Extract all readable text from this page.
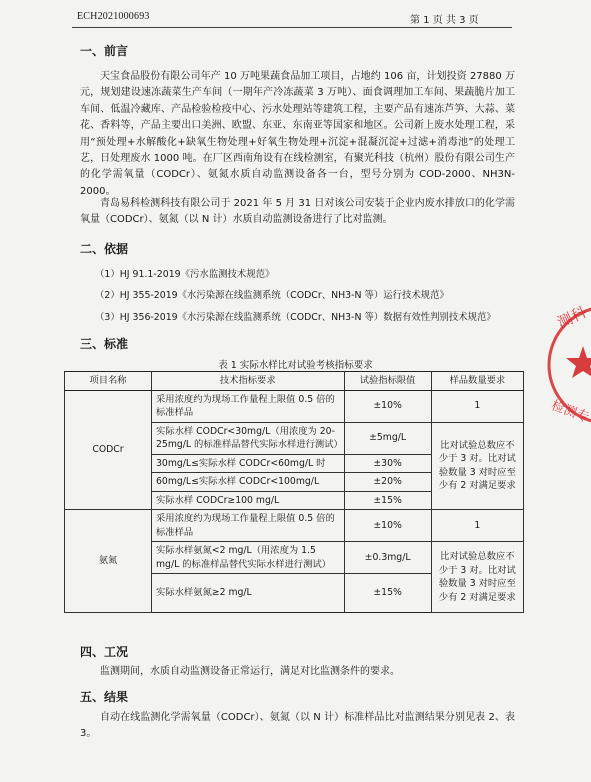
ECH2021000693	第 1 页 共 3 页
一、前言
天宝食品股份有限公司年产 10 万吨果蔬食品加工项目，占地约 106 亩，计划投资 27880 万元，规划建设速冻蔬菜生产车间（一期年产冷冻蔬菜 3 万吨）、面食调理加工车间、果蔬脆片加工车间、低温冷藏库、产品检验检疫中心、污水处理站等建筑工程，主要产品有速冻芦笋、大蒜、菜花、香料等，产品主要出口美洲、欧盟、东亚、东南亚等国家和地区。公司新上废水处理工程，采用“预处理+水解酸化+缺氧生物处理+好氧生物处理+沉淀+混凝沉淀+过滤+消毒池”的处理工艺，日处理废水 1000 吨。在厂区西南角设有在线检测室，有聚光科技（杭州）股份有限公司生产的化学需氧量（CODCr）、氨氮水质自动监测设备各一台，型号分别为 COD-2000、NH3N-2000。
青岛易科检测科技有限公司于 2021 年 5 月 31 日对该公司安装于企业内废水排放口的化学需氧量（CODCr）、氨氮（以 N 计）水质自动监测设备进行了比对监测。
二、依据
（1）HJ 91.1-2019《污水监测技术规范》
（2）HJ 355-2019《水污染源在线监测系统（CODCr、NH3-N 等）运行技术规范》
（3）HJ 356-2019《水污染源在线监测系统（CODCr、NH3-N 等）数据有效性判别技术规范》
三、标准
表 1 实际水样比对试验考核指标要求
项目名称	技术指标要求	试验指标限值	样品数量要求
CODCr	采用浓度约为现场工作量程上限值 0.5 倍的标准样品	±10%	1
	实际水样 CODCr<30mg/L（用浓度为 20-25mg/L 的标准样品替代实际水样进行测试）	±5mg/L	比对试验总数应不少于 3 对。比对试验数量 3 对时应至少有 2 对满足要求
	30mg/L≤实际水样 CODCr<60mg/L 时	±30%	
	60mg/L≤实际水样 CODCr<100mg/L	±20%	
	实际水样 CODCr≥100 mg/L	±15%	
氨氮	采用浓度约为现场工作量程上限值 0.5 倍的标准样品	±10%	1
	实际水样氨氮<2 mg/L（用浓度为 1.5 mg/L 的标准样品替代实际水样进行测试）	±0.3mg/L	比对试验总数应不少于 3 对。比对试验数量 3 对时应至少有 2 对满足要求
	实际水样氨氮≥2 mg/L	±15%	
四、工况
监测期间，水质自动监测设备正常运行，满足对比监测条件的要求。
五、结果
自动在线监测化学需氧量（CODCr）、氨氮（以 N 计）标准样品比对监测结果分别见表 2、表 3。
测科
检测专
